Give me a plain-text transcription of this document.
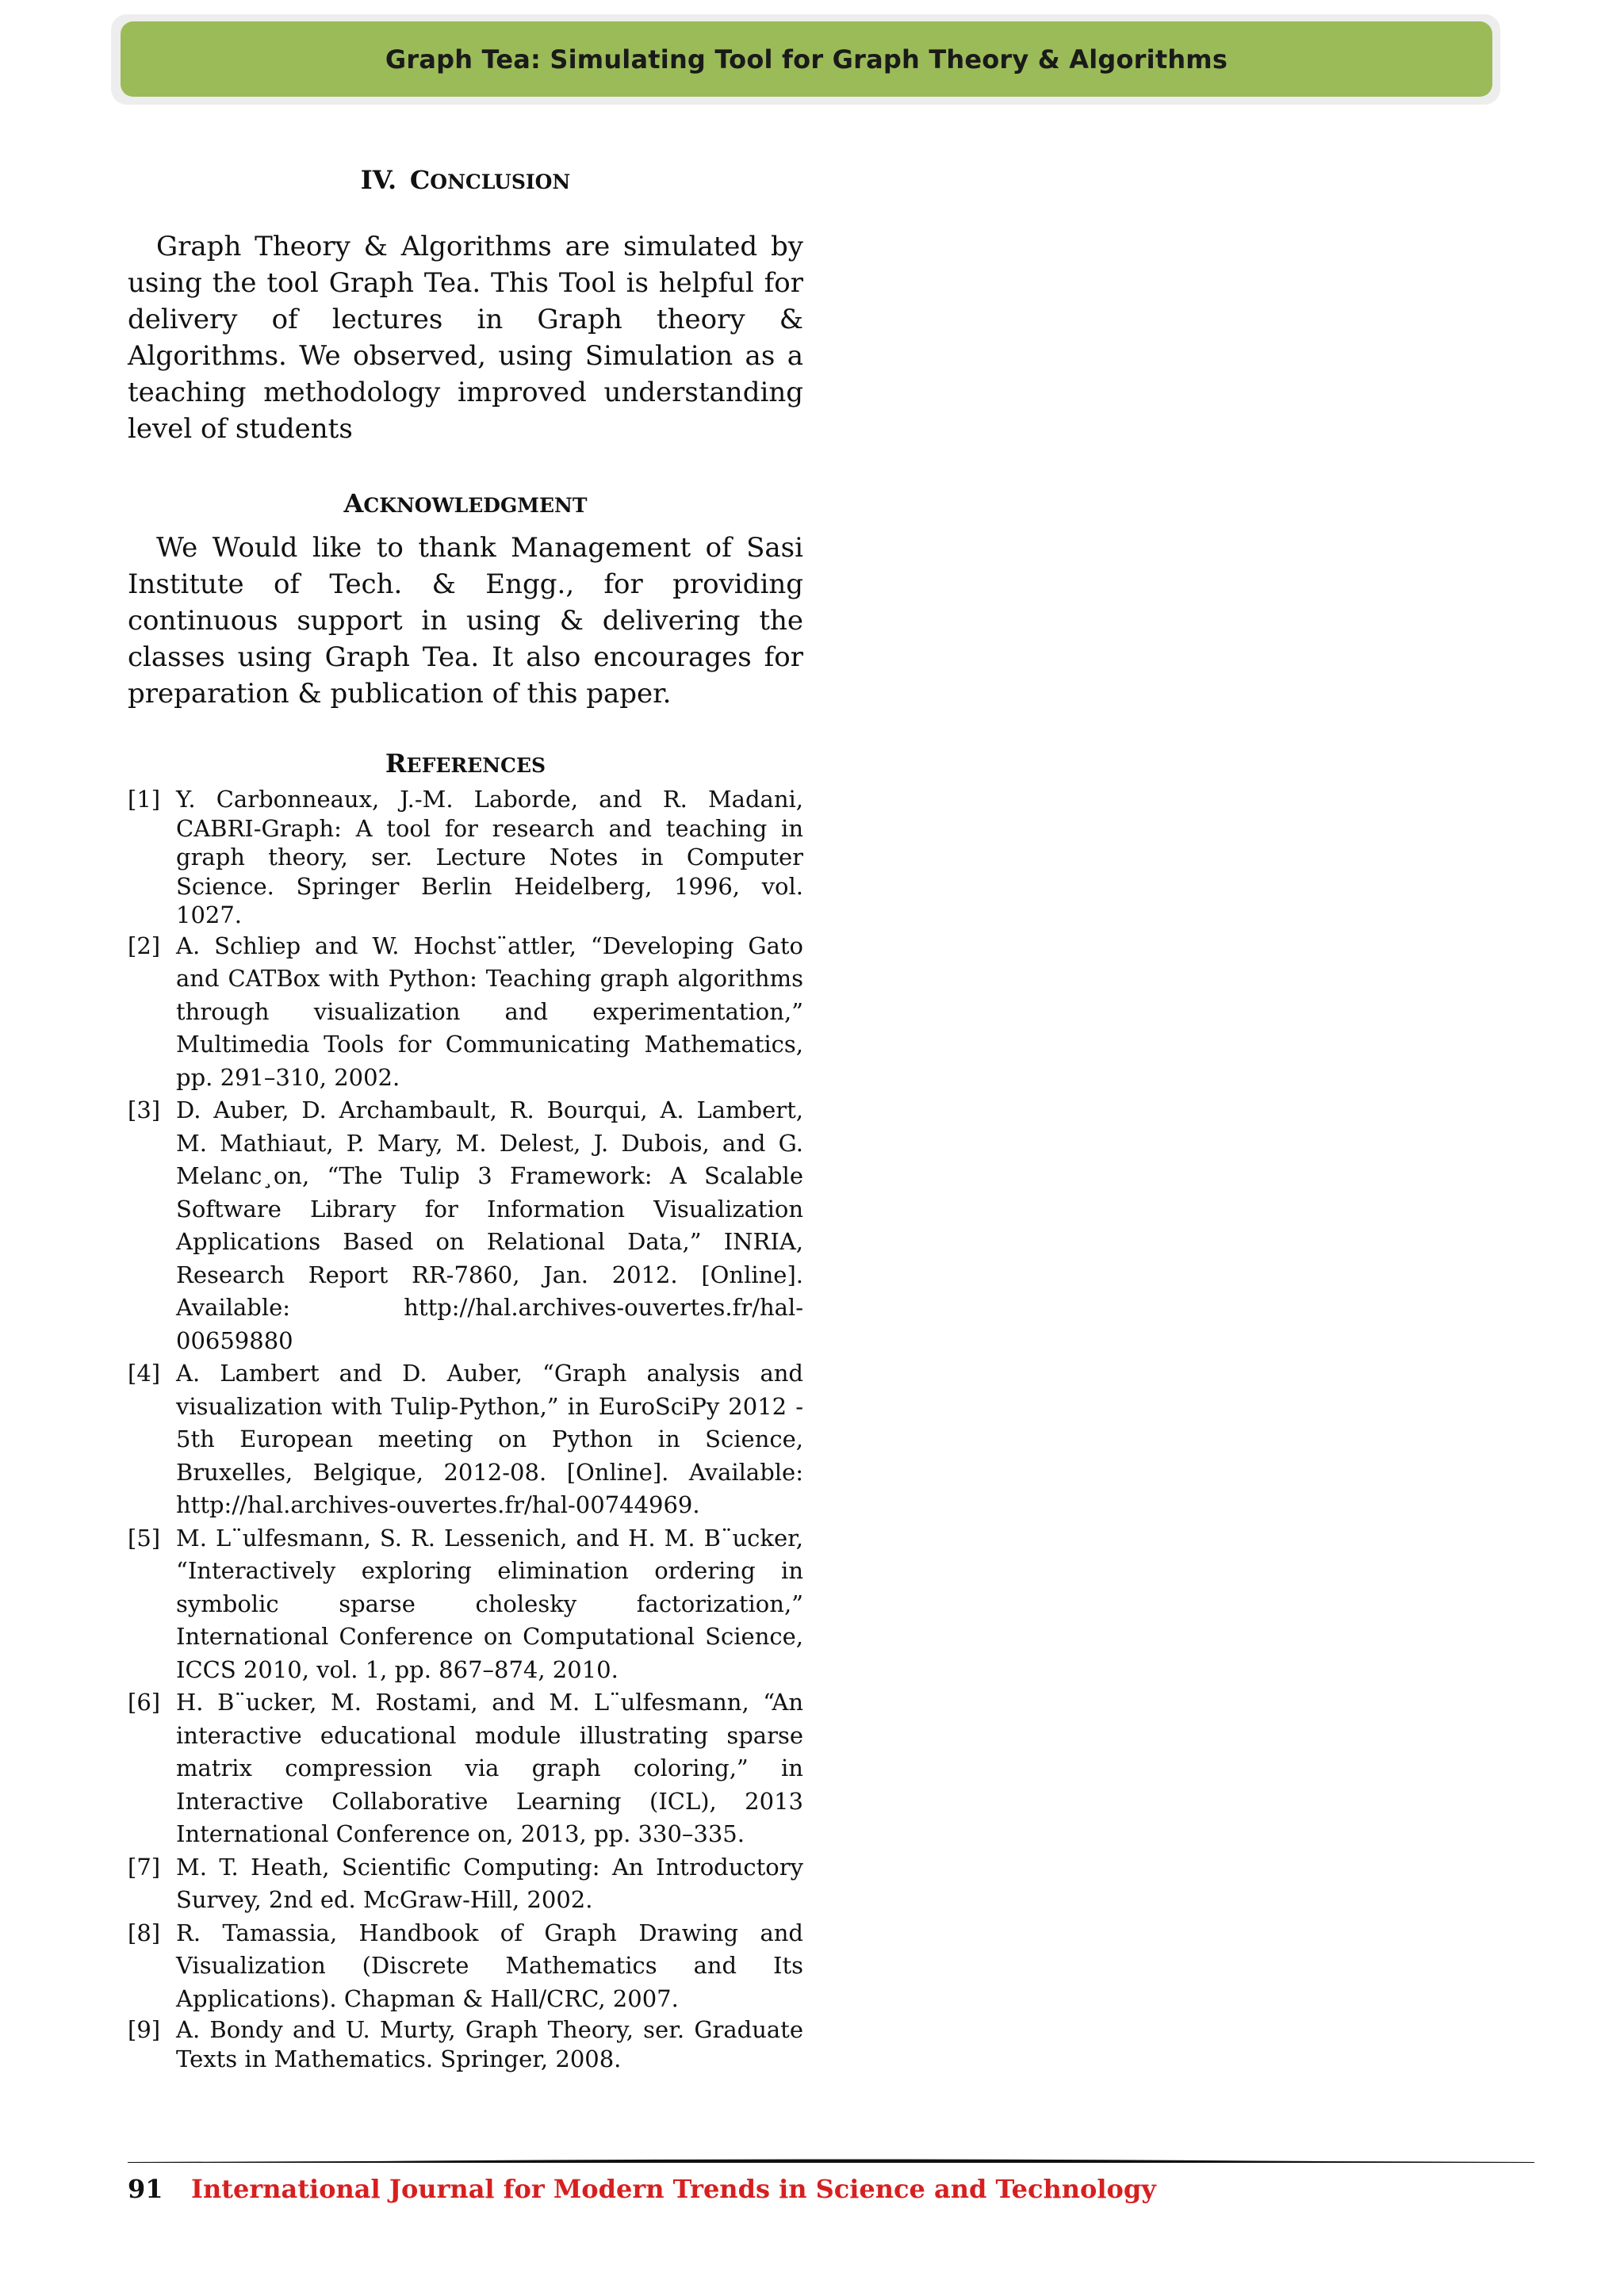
Graph Tea: Simulating Tool for Graph Theory & Algorithms
IV. CONCLUSION

Graph Theory & Algorithms are simulated by using the tool Graph Tea. This Tool is helpful for delivery of lectures in Graph theory & Algorithms. We observed, using Simulation as a teaching methodology improved understanding level of students

ACKNOWLEDGMENT

We Would like to thank Management of Sasi Institute of Tech. & Engg., for providing continuous support in using & delivering the classes using Graph Tea. It also encourages for preparation & publication of this paper.

REFERENCES
[1] Y. Carbonneaux, J.-M. Laborde, and R. Madani, CABRI-Graph: A tool for research and teaching in graph theory, ser. Lecture Notes in Computer Science. Springer Berlin Heidelberg, 1996, vol. 1027.
[2] A. Schliep and W. Hochst¨attler, “Developing Gato and CATBox with Python: Teaching graph algorithms through visualization and experimentation,” Multimedia Tools for Communicating Mathematics, pp. 291–310, 2002.
[3] D. Auber, D. Archambault, R. Bourqui, A. Lambert, M. Mathiaut, P. Mary, M. Delest, J. Dubois, and G. Melanc¸on, “The Tulip 3 Framework: A Scalable Software Library for Information Visualization Applications Based on Relational Data,” INRIA, Research Report RR-7860, Jan. 2012. [Online]. Available: http://hal.archives-ouvertes.fr/hal-00659880
[4] A. Lambert and D. Auber, “Graph analysis and visualization with Tulip-Python,” in EuroSciPy 2012 - 5th European meeting on Python in Science, Bruxelles, Belgique, 2012-08. [Online]. Available: http://hal.archives-ouvertes.fr/hal-00744969.
[5] M. L¨ulfesmann, S. R. Lessenich, and H. M. B¨ucker, “Interactively exploring elimination ordering in symbolic sparse cholesky factorization,” International Conference on Computational Science, ICCS 2010, vol. 1, pp. 867–874, 2010.
[6] H. B¨ucker, M. Rostami, and M. L¨ulfesmann, “An interactive educational module illustrating sparse matrix compression via graph coloring,” in Interactive Collaborative Learning (ICL), 2013 International Conference on, 2013, pp. 330–335.
[7] M. T. Heath, Scientific Computing: An Introductory Survey, 2nd ed. McGraw-Hill, 2002.
[8] R. Tamassia, Handbook of Graph Drawing and Visualization (Discrete Mathematics and Its Applications). Chapman & Hall/CRC, 2007.
[9] A. Bondy and U. Murty, Graph Theory, ser. Graduate Texts in Mathematics. Springer, 2008.
91	International Journal for Modern Trends in Science and Technology
